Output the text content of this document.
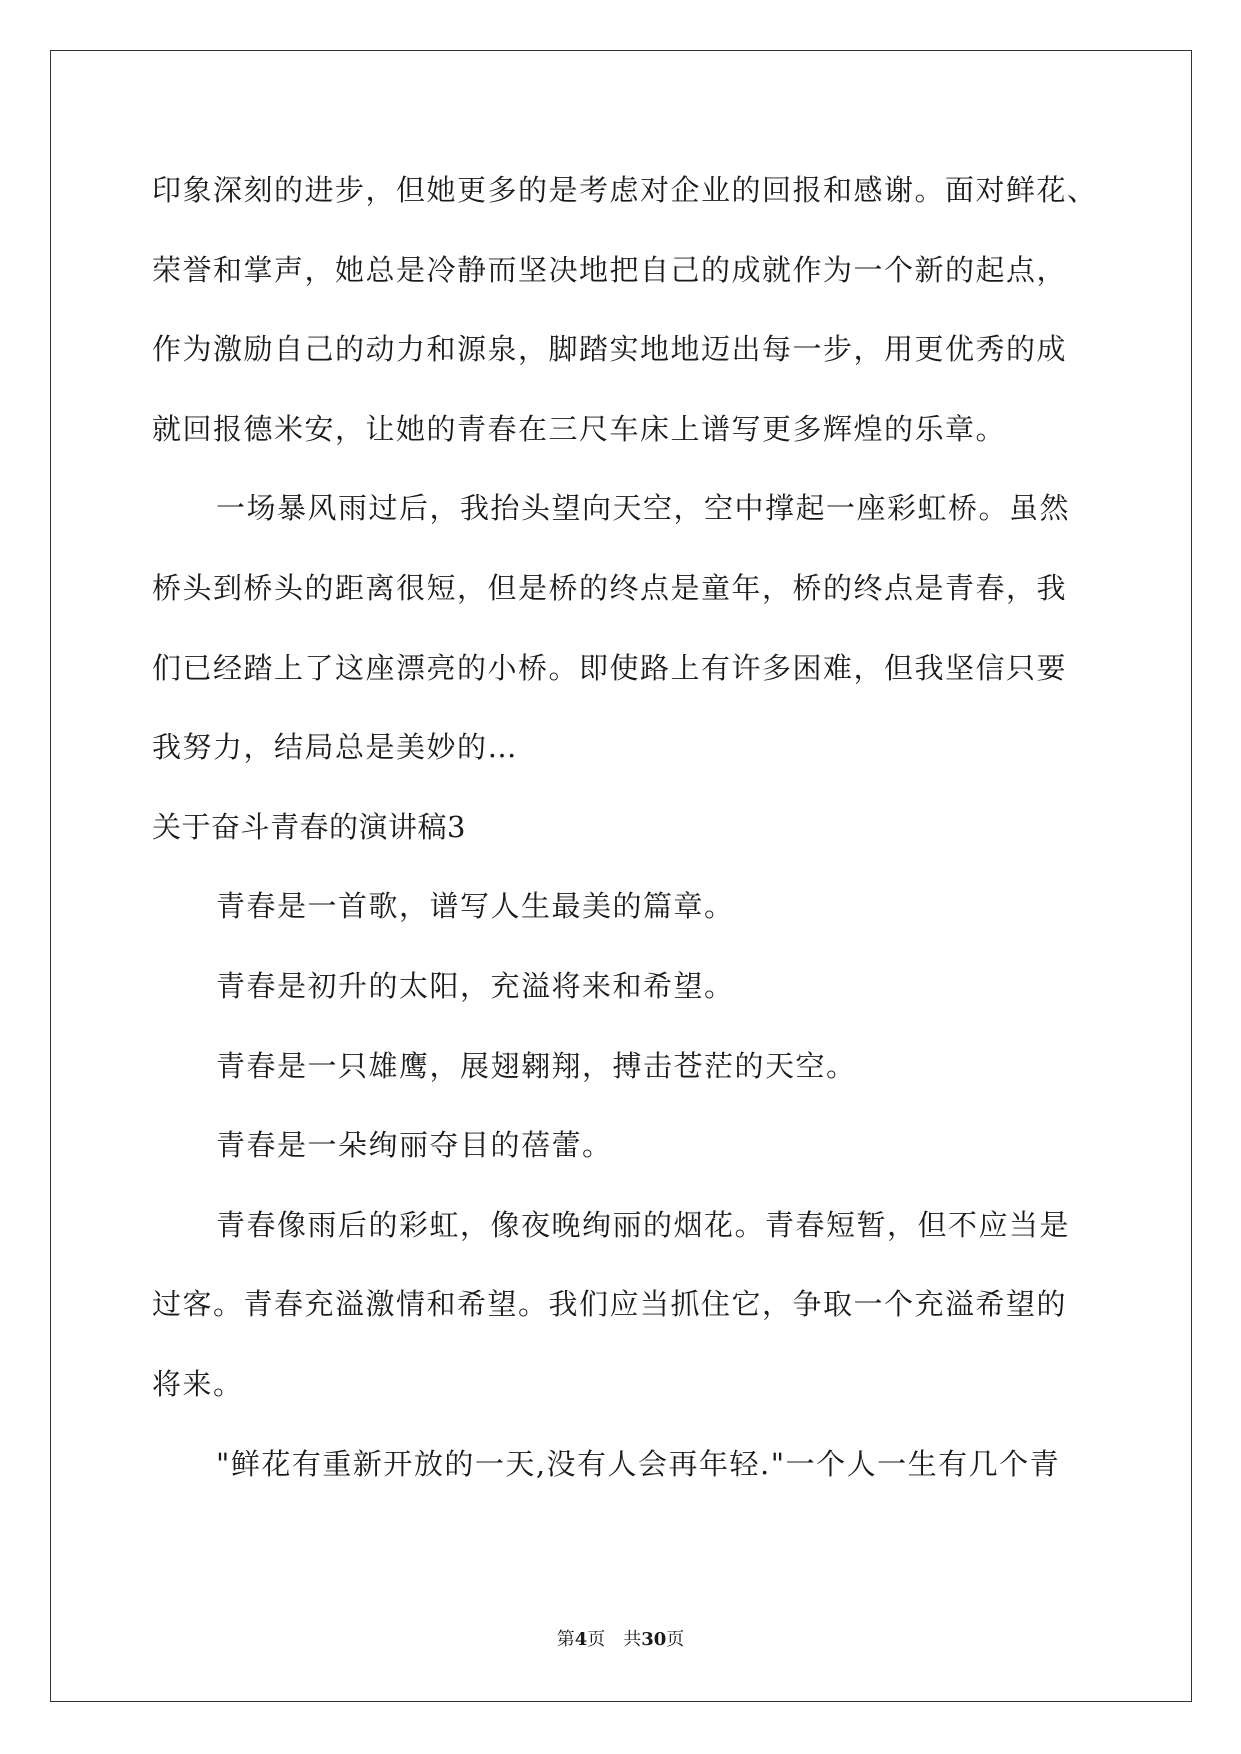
印象深刻的进步，但她更多的是考虑对企业的回报和感谢。面对鲜花、
荣誉和掌声，她总是冷静而坚决地把自己的成就作为一个新的起点，
作为激励自己的动力和源泉，脚踏实地地迈出每一步，用更优秀的成
就回报德米安，让她的青春在三尺车床上谱写更多辉煌的乐章。
一场暴风雨过后，我抬头望向天空，空中撑起一座彩虹桥。虽然
桥头到桥头的距离很短，但是桥的终点是童年，桥的终点是青春，我
们已经踏上了这座漂亮的小桥。即使路上有许多困难，但我坚信只要
我努力，结局总是美妙的…
关于奋斗青春的演讲稿3
青春是一首歌，谱写人生最美的篇章。
青春是初升的太阳，充溢将来和希望。
青春是一只雄鹰，展翅翱翔，搏击苍茫的天空。
青春是一朵绚丽夺目的蓓蕾。
青春像雨后的彩虹，像夜晚绚丽的烟花。青春短暂，但不应当是
过客。青春充溢激情和希望。我们应当抓住它，争取一个充溢希望的
将来。
"鲜花有重新开放的一天,没有人会再年轻."一个人一生有几个青
第4页 共30页
